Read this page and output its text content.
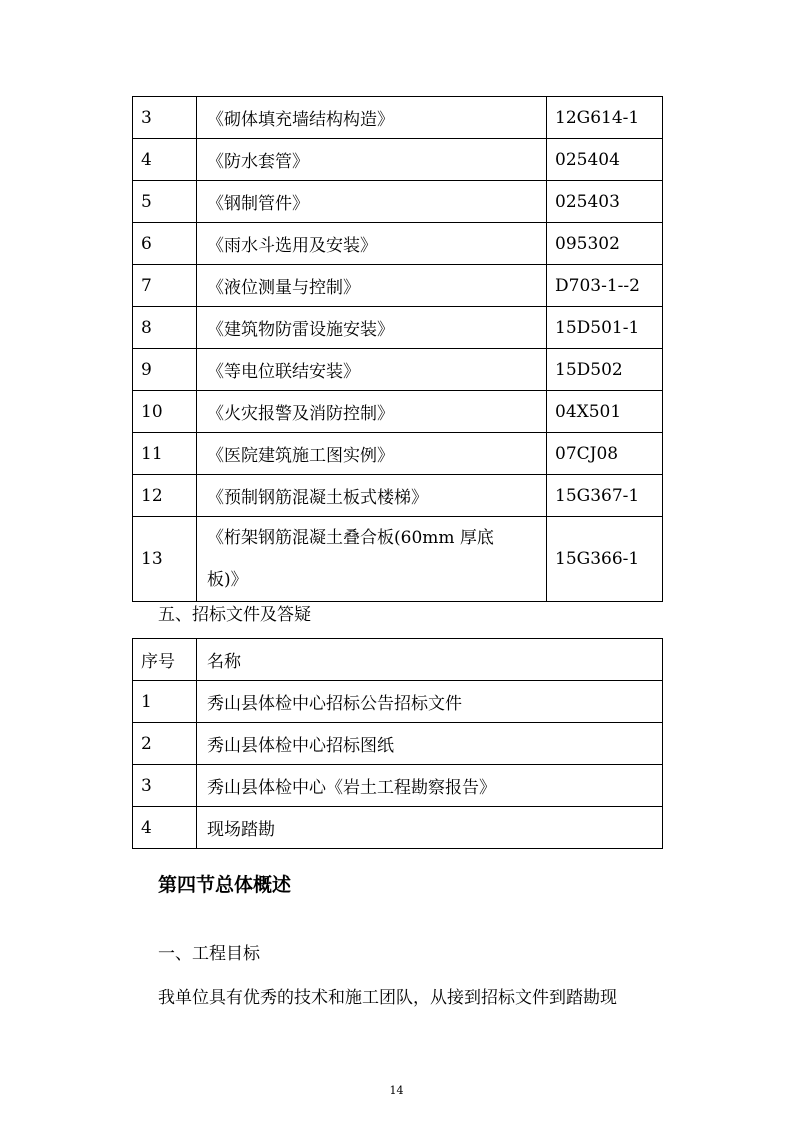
3	《砌体填充墙结构构造》	12G614-1
4	《防水套管》	025404
5	《钢制管件》	025403
6	《雨水斗选用及安装》	095302
7	《液位测量与控制》	D703-1--2
8	《建筑物防雷设施安装》	15D501-1
9	《等电位联结安装》	15D502
10	《火灾报警及消防控制》	04X501
11	《医院建筑施工图实例》	07CJ08
12	《预制钢筋混凝土板式楼梯》	15G367-1
13	《桁架钢筋混凝土叠合板(60mm 厚底
板)》	15G366-1
五、招标文件及答疑
序号	名称
1	秀山县体检中心招标公告招标文件
2	秀山县体检中心招标图纸
3	秀山县体检中心《岩土工程勘察报告》
4	现场踏勘
第四节总体概述
一、工程目标
我单位具有优秀的技术和施工团队，从接到招标文件到踏勘现
14
